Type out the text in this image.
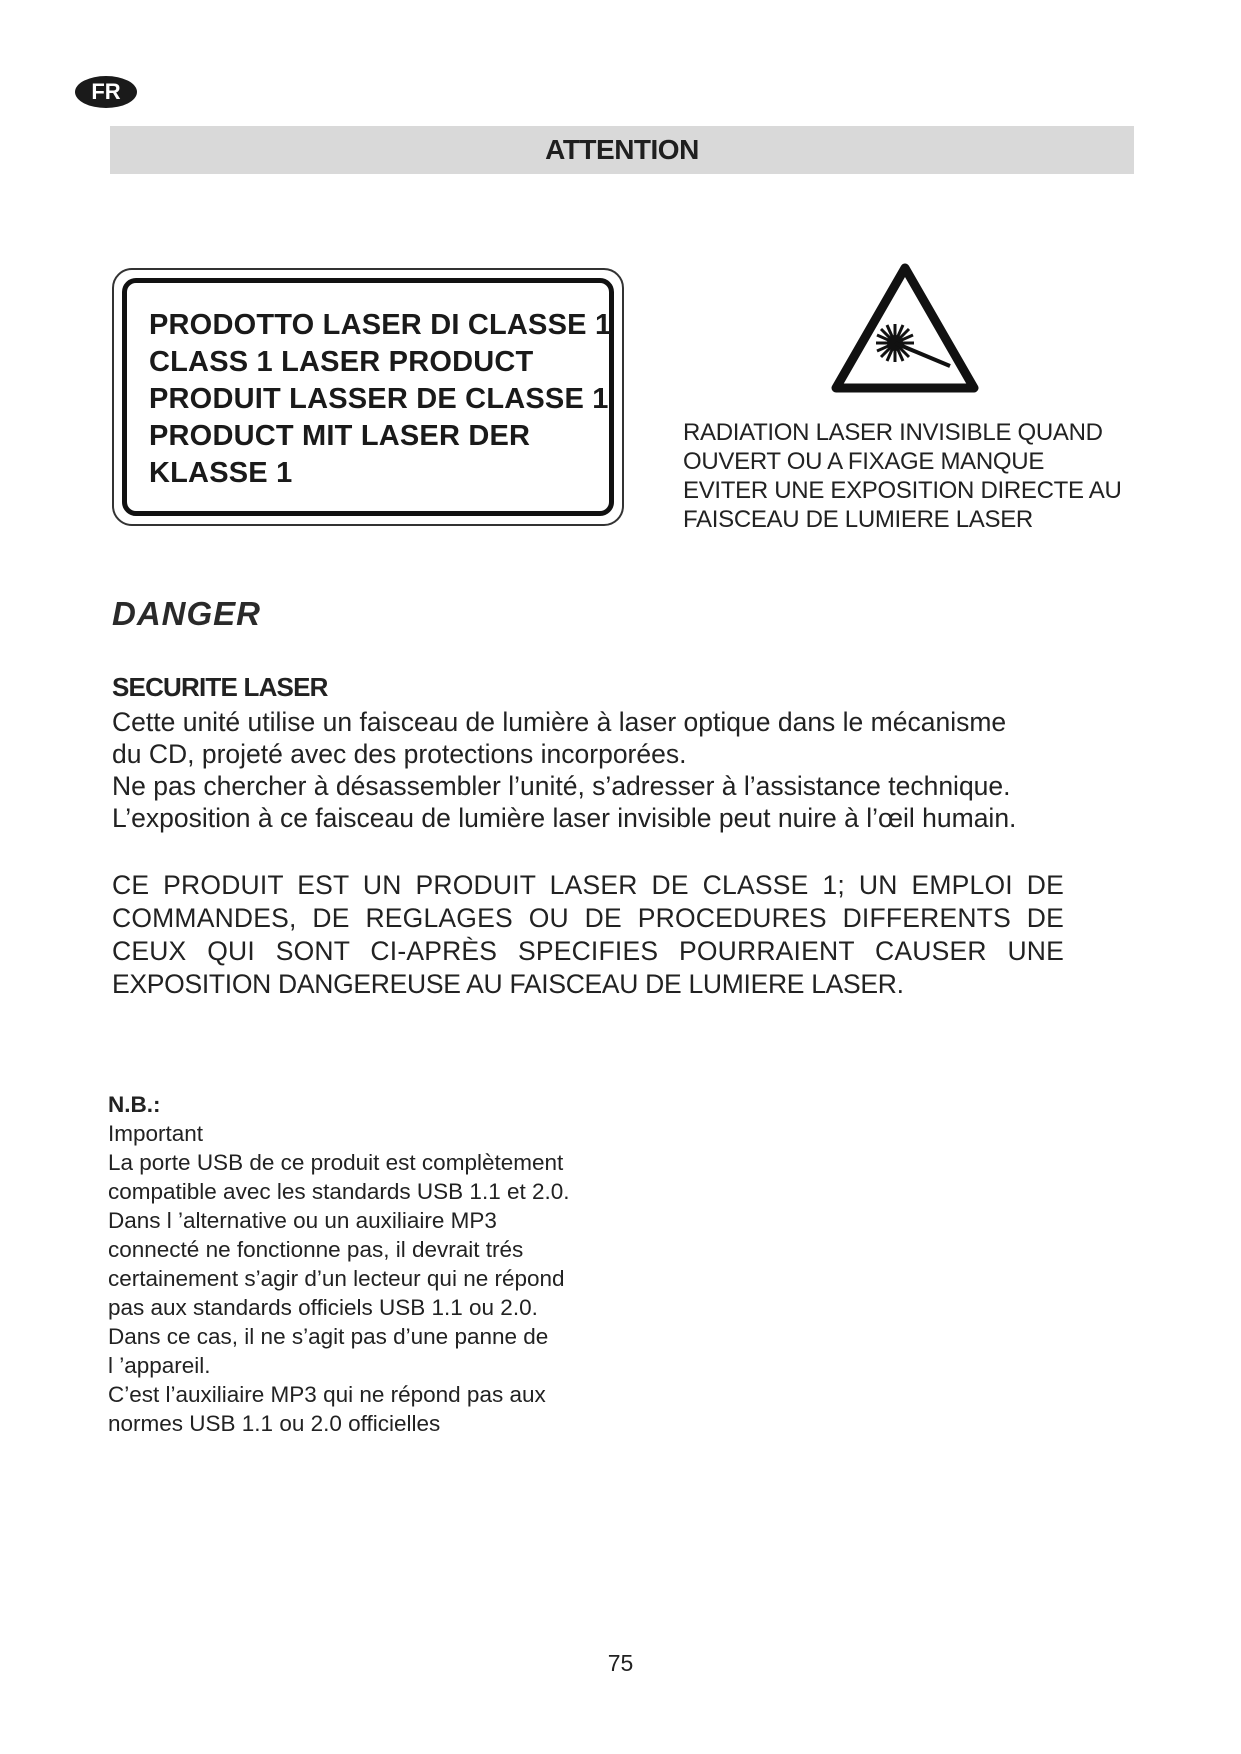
FR
ATTENTION
PRODOTTO LASER DI CLASSE 1
CLASS 1 LASER PRODUCT
PRODUIT LASSER DE CLASSE 1
PRODUCT MIT LASER DER
KLASSE 1
RADIATION LASER INVISIBLE QUAND
OUVERT OU A FIXAGE MANQUE
EVITER UNE EXPOSITION DIRECTE AU
FAISCEAU DE LUMIERE LASER
DANGER
SECURITE LASER
Cette unité utilise un faisceau de lumière à laser optique dans le mécanisme
du CD, projeté avec des protections incorporées.
Ne pas chercher à désassembler l’unité, s’adresser à l’assistance technique.
L’exposition à ce faisceau de lumière laser invisible peut nuire à l’œil humain.
CE PRODUIT EST UN PRODUIT LASER DE CLASSE 1; UN EMPLOI DE
COMMANDES, DE REGLAGES OU DE PROCEDURES DIFFERENTS DE
CEUX QUI SONT CI-APRÈS SPECIFIES POURRAIENT CAUSER UNE
EXPOSITION DANGEREUSE AU FAISCEAU DE LUMIERE LASER.
N.B.:
Important
La porte USB de ce produit est complètement
compatible avec les standards USB 1.1 et 2.0.
Dans l ’alternative ou un auxiliaire MP3
connecté ne fonctionne pas, il devrait trés
certainement s’agir d’un lecteur qui ne répond
pas aux standards officiels USB 1.1 ou 2.0.
Dans ce cas, il ne s’agit pas d’une panne de
l ’appareil.
C’est l’auxiliaire MP3 qui ne répond pas aux
normes USB 1.1 ou 2.0 officielles
75
